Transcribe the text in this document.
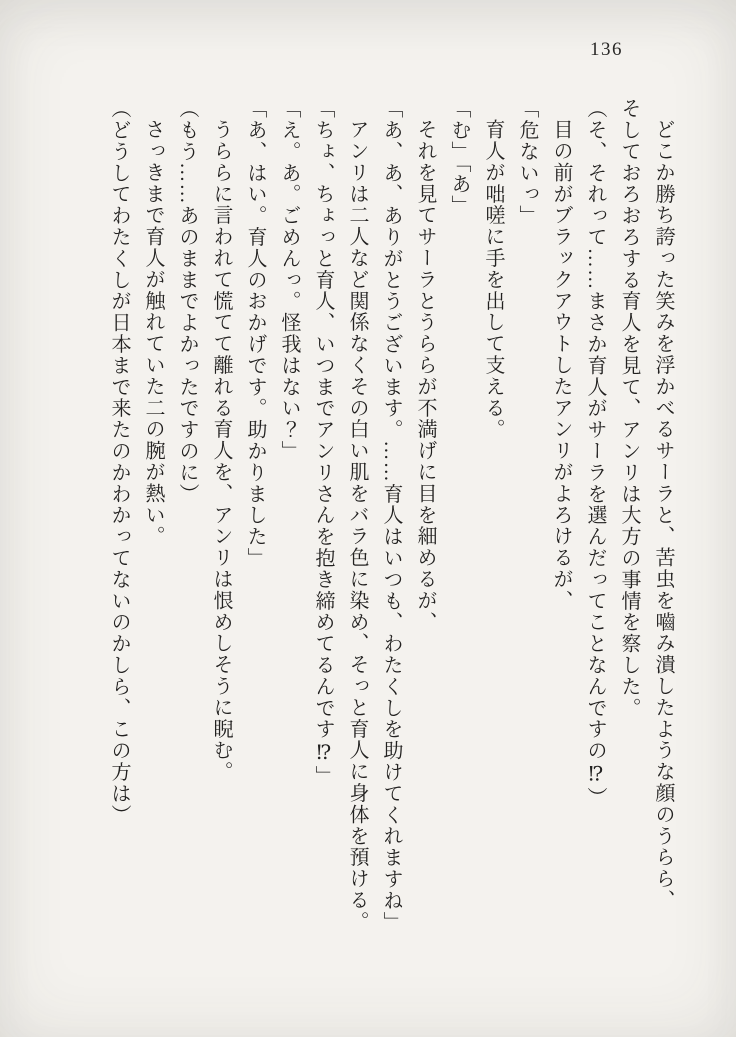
136

どこか勝ち誇った笑みを浮かべるサーラと、苦虫を嚙み潰したような顔のうらら、

そしておろおろする育人を見て、アンリは大方の事情を察した。

（そ、それって……まさか育人がサーラを選んだってことなんですの⁉）

目の前がブラックアウトしたアンリがよろけるが、

「危ないっ」

育人が咄嗟に手を出して支える。

「む」「あ」

それを見てサーラとうららが不満げに目を細めるが、

「あ、あ、ありがとうございます。……育人はいつも、わたくしを助けてくれますね」

アンリは二人など関係なくその白い肌をバラ色に染め、そっと育人に身体を預ける。

「ちょ、ちょっと育人、いつまでアンリさんを抱き締めてるんです⁉」

「え。あ。ごめんっ。怪我はない？」

「あ、はい。育人のおかげです。助かりました」

うららに言われて慌てて離れる育人を、アンリは恨めしそうに睨む。

（もう……あのままでよかったですのに）

さっきまで育人が触れていた二の腕が熱い。

（どうしてわたくしが日本まで来たのかわかってないのかしら、この方は）
